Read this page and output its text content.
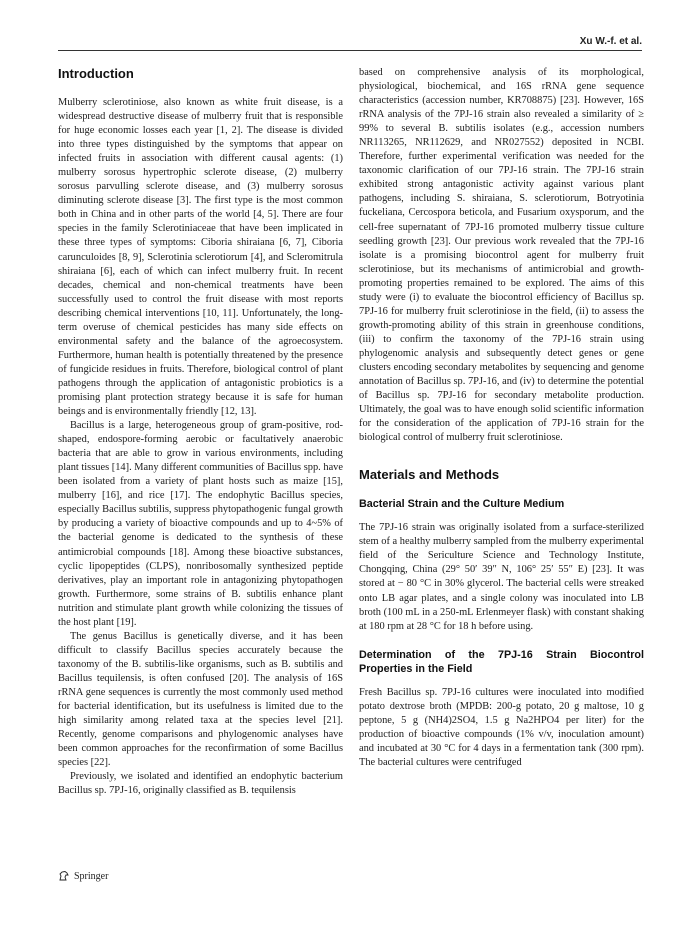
Xu W.-f. et al.
Introduction

Mulberry sclerotiniose, also known as white fruit disease, is a widespread destructive disease of mulberry fruit that is responsible for huge economic losses each year [1, 2]. The disease is divided into three types distinguished by the symptoms that appear on infected fruits in association with different causal agents: (1) mulberry sorosus hypertrophic sclerote disease, (2) mulberry sorosus parvulling sclerote disease, and (3) mulberry sorosus diminuting sclerote disease [3]. The first type is the most common both in China and in other parts of the world [4, 5]. There are four species in the family Sclerotiniaceae that have been implicated in these three types of symptoms: Ciboria shiraiana [6, 7], Ciboria carunculoides [8, 9], Sclerotinia sclerotiorum [4], and Scleromitrula shiraiana [6], each of which can infect mulberry fruit. In recent decades, chemical and non-chemical treatments have been successfully used to control the fruit disease with most reports describing chemical interventions [10, 11]. Unfortunately, the long-term overuse of chemical pesticides has many side effects on environmental safety and the balance of the agroecosystem. Furthermore, human health is potentially threatened by the presence of fungicide residues in fruits. Therefore, biological control of plant pathogens through the application of antagonistic probiotics is a promising plant protection strategy because it is safe for human beings and is environmentally friendly [12, 13].

Bacillus is a large, heterogeneous group of gram-positive, rod-shaped, endospore-forming aerobic or facultatively anaerobic bacteria that are able to grow in various environments, including plant tissues [14]. Many different communities of Bacillus spp. have been isolated from a variety of plant hosts such as maize [15], mulberry [16], and rice [17]. The endophytic Bacillus species, especially Bacillus subtilis, suppress phytopathogenic fungal growth by producing a variety of bioactive compounds and up to 4~5% of the bacterial genome is dedicated to the synthesis of these antimicrobial compounds [18]. Among these bioactive substances, cyclic lipopeptides (CLPS), nonribosomally synthesized peptide derivatives, play an important role in antagonizing phytopathogen growth. Furthermore, some strains of B. subtilis enhance plant nutrition and stimulate plant growth while colonizing the tissues of the host plant [19].

The genus Bacillus is genetically diverse, and it has been difficult to classify Bacillus species accurately because the taxonomy of the B. subtilis-like organisms, such as B. subtilis and Bacillus tequilensis, is often confused [20]. The analysis of 16S rRNA gene sequences is currently the most commonly used method for bacterial identification, but its usefulness is limited due to the high similarity among related taxa at the species level [21]. Recently, genome comparisons and phylogenomic analyses have been common approaches for the reconfirmation of some Bacillus species [22].

Previously, we isolated and identified an endophytic bacterium Bacillus sp. 7PJ-16, originally classified as B. tequilensis

based on comprehensive analysis of its morphological, physiological, biochemical, and 16S rRNA gene sequence characteristics (accession number, KR708875) [23]. However, 16S rRNA analysis of the 7PJ-16 strain also revealed a similarity of ≥ 99% to several B. subtilis isolates (e.g., accession numbers NR113265, NR112629, and NR027552) deposited in NCBI. Therefore, further experimental verification was needed for the taxonomic clarification of our 7PJ-16 strain. The 7PJ-16 strain exhibited strong antagonistic activity against various plant pathogens, including S. shiraiana, S. sclerotiorum, Botryotinia fuckeliana, Cercospora beticola, and Fusarium oxysporum, and the cell-free supernatant of 7PJ-16 promoted mulberry tissue culture seedling growth [23]. Our previous work revealed that the 7PJ-16 isolate is a promising biocontrol agent for mulberry fruit sclerotiniose, but its mechanisms of antimicrobial and growth-promoting properties remained to be explored. The aims of this study were (i) to evaluate the biocontrol efficiency of Bacillus sp. 7PJ-16 for mulberry fruit sclerotiniose in the field, (ii) to assess the growth-promoting ability of this strain in greenhouse conditions, (iii) to confirm the taxonomy of the 7PJ-16 strain using phylogenomic analysis and subsequently detect genes or gene clusters encoding secondary metabolites by sequencing and genome annotation of Bacillus sp. 7PJ-16, and (iv) to determine the potential of Bacillus sp. 7PJ-16 for secondary metabolite production. Ultimately, the goal was to have enough solid scientific information for the consideration of the application of 7PJ-16 strain for the biological control of mulberry fruit sclerotiniose.

Materials and Methods
Bacterial Strain and the Culture Medium

The 7PJ-16 strain was originally isolated from a surface-sterilized stem of a healthy mulberry sampled from the mulberry experimental field of the Sericulture Science and Technology Institute, Chongqing, China (29° 50′ 39″ N, 106° 25′ 55″ E) [23]. It was stored at − 80 °C in 30% glycerol. The bacterial cells were streaked onto LB agar plates, and a single colony was inoculated into LB broth (100 mL in a 250-mL Erlenmeyer flask) with constant shaking at 180 rpm at 28 °C for 18 h before using.

Determination of the 7PJ-16 Strain Biocontrol Properties in the Field

Fresh Bacillus sp. 7PJ-16 cultures were inoculated into modified potato dextrose broth (MPDB: 200-g potato, 20 g maltose, 10 g peptone, 5 g (NH4)2SO4, 1.5 g Na2HPO4 per liter) for the production of bioactive compounds (1% v/v, inoculation amount) and incubated at 30 °C for 4 days in a fermentation tank (300 rpm). The bacterial cultures were centrifuged

Springer
